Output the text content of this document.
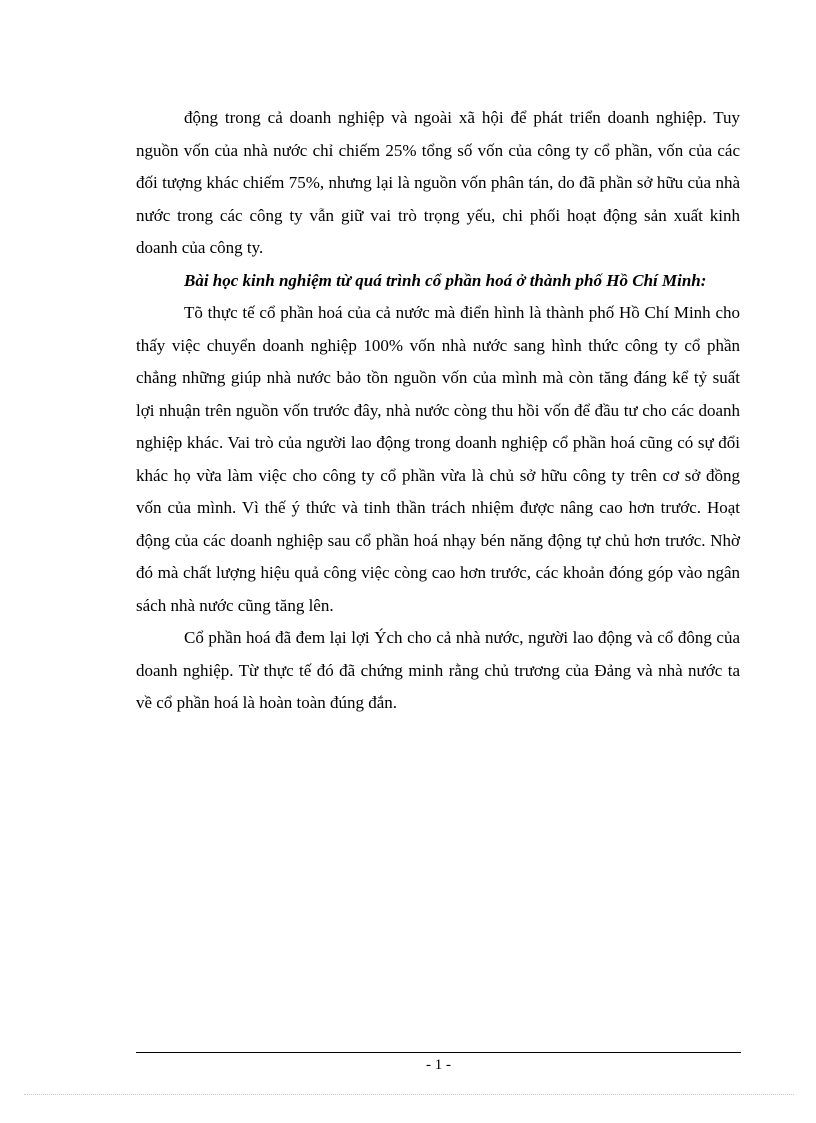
động trong cả doanh nghiệp và ngoài xã hội để phát triển doanh nghiệp. Tuy nguồn vốn của nhà nước chỉ chiếm 25% tổng số vốn của công ty cổ phần, vốn của các đối tượng khác chiếm 75%, nhưng lại là nguồn vốn phân tán, do đã phần sở hữu của nhà nước trong các công ty vẫn giữ vai trò trọng yếu, chi phối hoạt động sản xuất kinh doanh của công ty.

Bài học kinh nghiệm từ quá trình cổ phần hoá ở thành phố Hồ Chí Minh:

Tõ thực tế cổ phần hoá của cả nước mà điển hình là thành phố Hồ Chí Minh cho thấy việc chuyển doanh nghiệp 100% vốn nhà nước sang hình thức công ty cổ phần chẳng những giúp nhà nước bảo tồn nguồn vốn của mình mà còn tăng đáng kể tỷ suất lợi nhuận trên nguồn vốn trước đây, nhà nước còng thu hồi vốn để đầu tư cho các doanh nghiệp khác. Vai trò của người lao động trong doanh nghiệp cổ phần hoá cũng có sự đổi khác họ vừa làm việc cho công ty cổ phần vừa là chủ sở hữu công ty trên cơ sở đồng vốn của mình. Vì thế ý thức và tinh thần trách nhiệm được nâng cao hơn trước. Hoạt động của các doanh nghiệp sau cổ phần hoá nhạy bén năng động tự chủ hơn trước. Nhờ đó mà chất lượng hiệu quả công việc còng cao hơn trước, các khoản đóng góp vào ngân sách nhà nước cũng tăng lên.

Cổ phần hoá đã đem lại lợi Ých cho cả nhà nước, người lao động và cổ đông của doanh nghiệp. Từ thực tế đó đã chứng minh rằng chủ trương của Đảng và nhà nước ta về cổ phần hoá là hoàn toàn đúng đắn.

- 1 -
